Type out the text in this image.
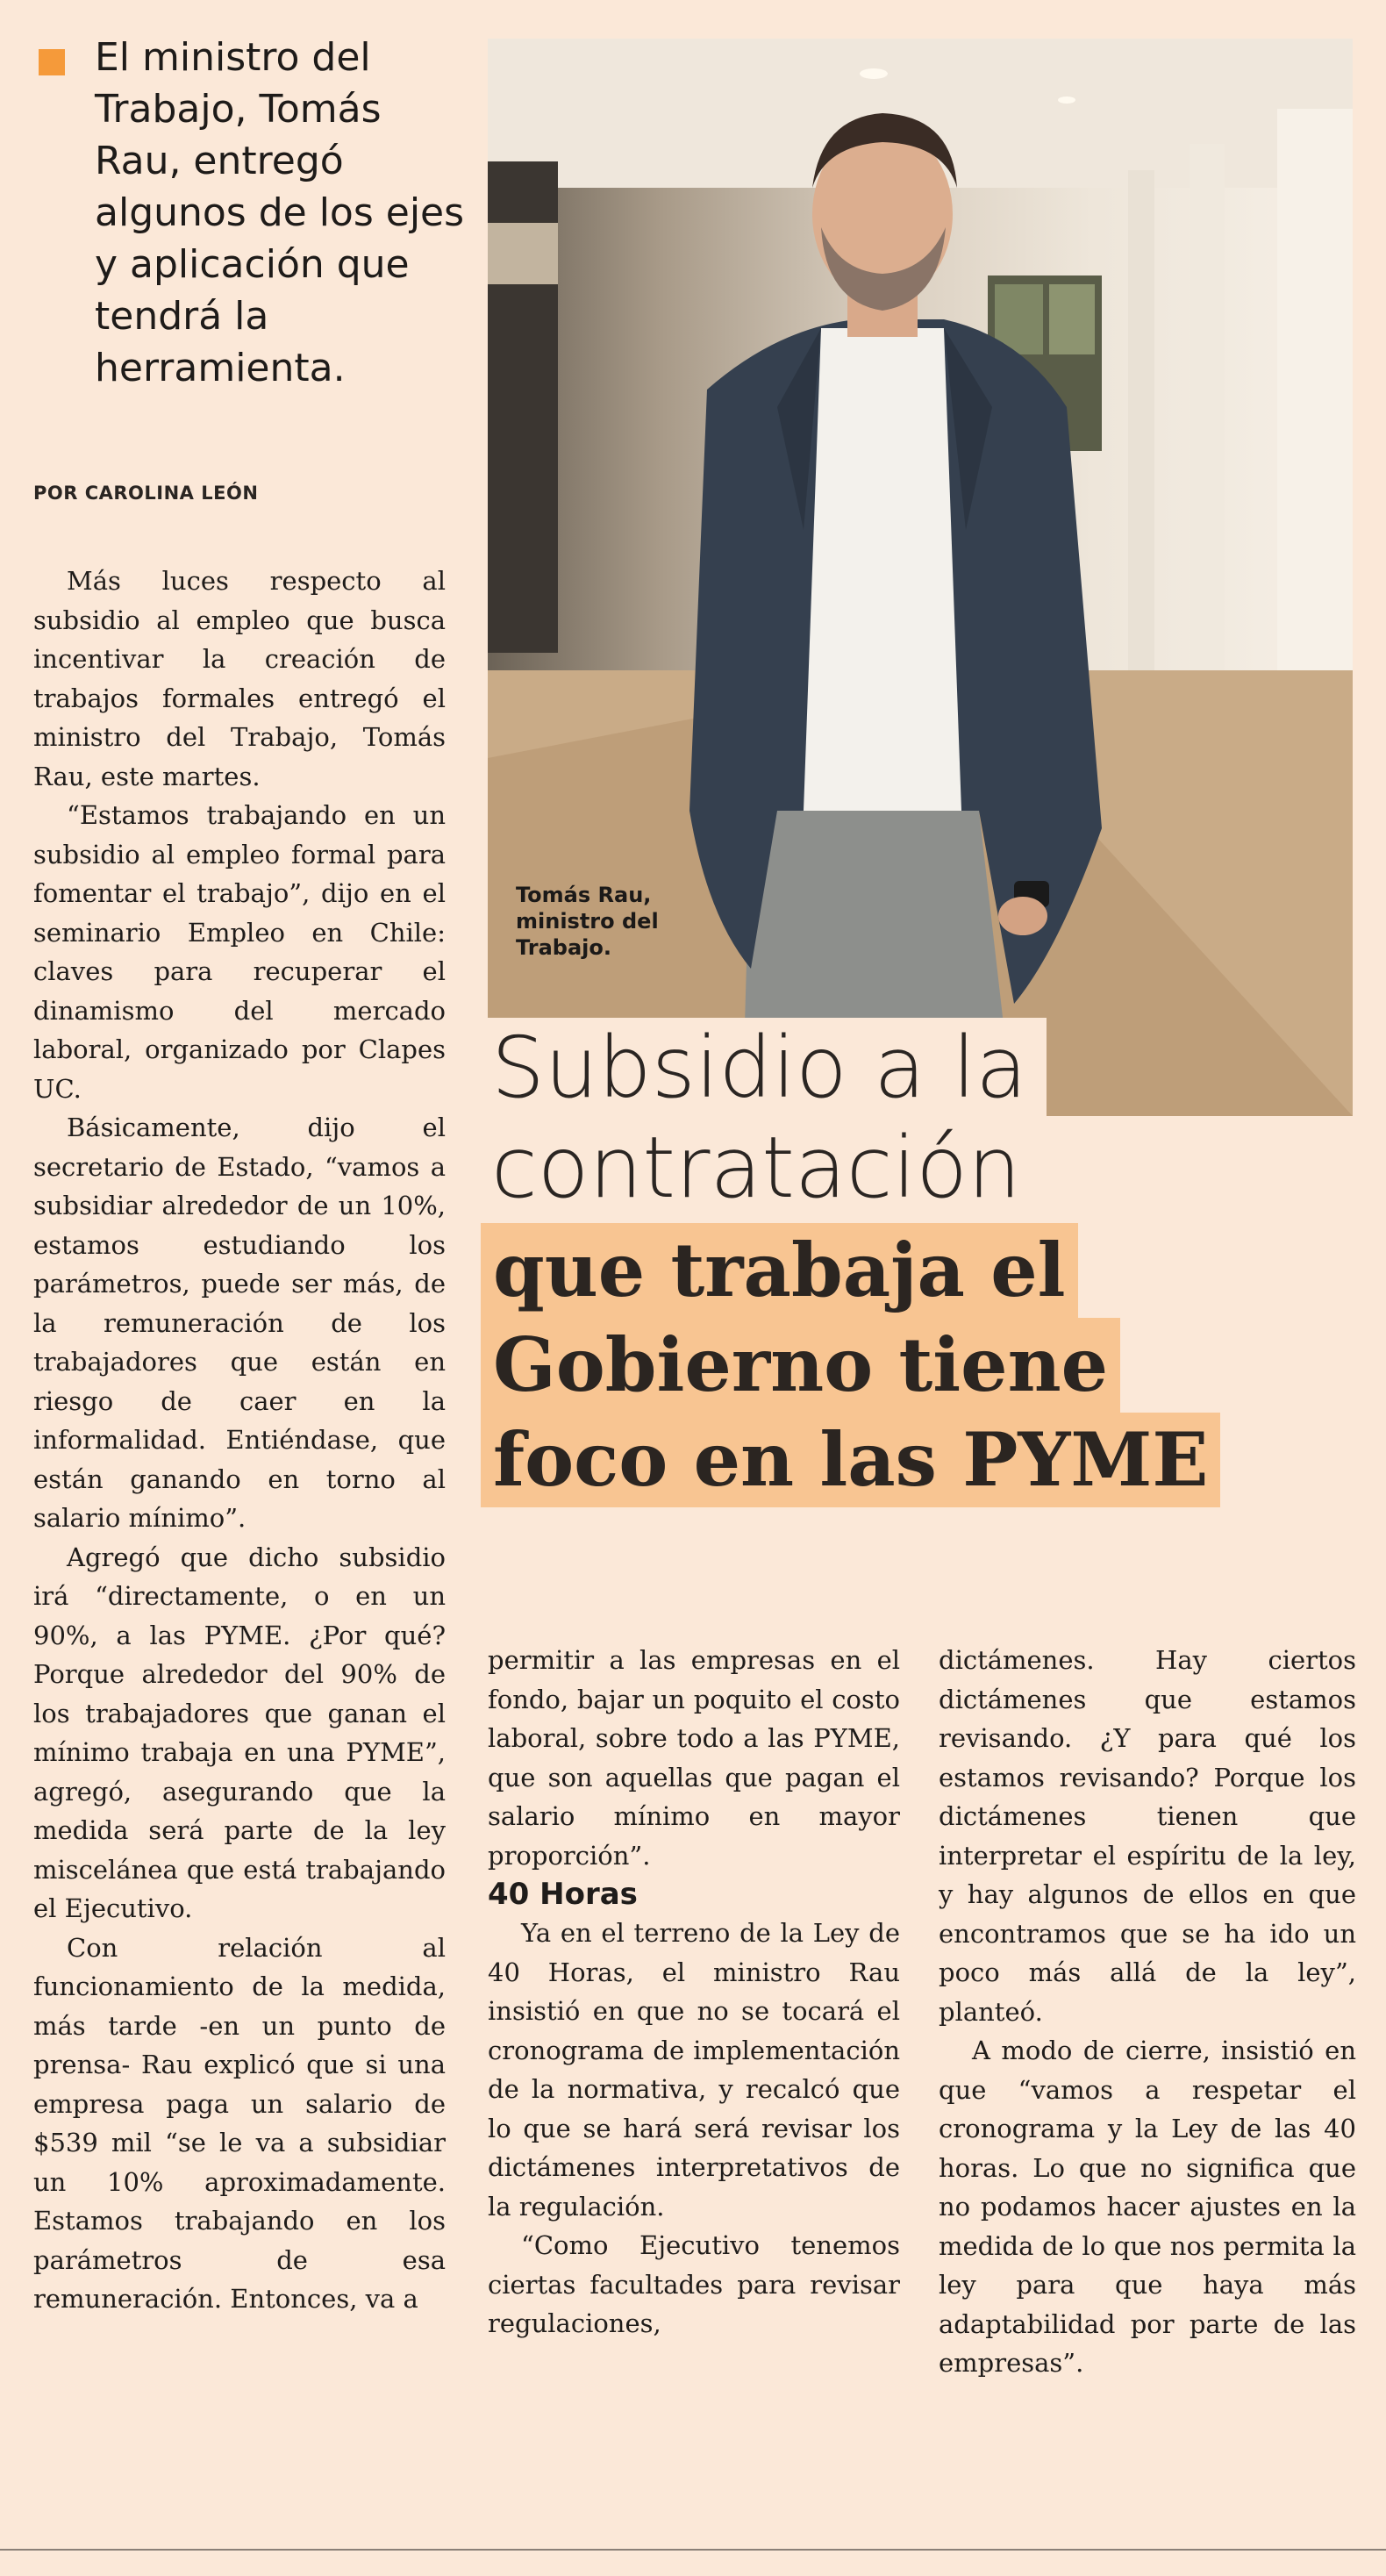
El ministro del Trabajo, Tomás Rau, entregó algunos de los ejes y aplicación que tendrá la herramienta.
POR CAROLINA LEÓN
Tomás Rau, ministro del Trabajo.
Subsidio a la
contratación
que trabaja el
Gobierno tiene
foco en las PYME

Más luces respecto al subsidio al empleo que busca incentivar la creación de trabajos formales entregó el ministro del Trabajo, Tomás Rau, este martes.

“Estamos trabajando en un subsidio al empleo formal para fomentar el trabajo”, dijo en el seminario Empleo en Chile: claves para recuperar el dinamismo del mercado laboral, organizado por Clapes UC.

Básicamente, dijo el secretario de Estado, “vamos a subsidiar alrededor de un 10%, estamos estudiando los parámetros, puede ser más, de la remuneración de los trabajadores que están en riesgo de caer en la informalidad. Entiéndase, que están ganando en torno al salario mínimo”.

Agregó que dicho subsidio irá “directamente, o en un 90%, a las PYME. ¿Por qué? Porque alrededor del 90% de los trabajadores que ganan el mínimo trabaja en una PYME”, agregó, asegurando que la medida será parte de la ley miscelánea que está trabajando el Ejecutivo.

Con relación al funcionamiento de la medida, más tarde -en un punto de prensa- Rau explicó que si una empresa paga un salario de $539 mil “se le va a subsidiar un 10% aproximadamente. Estamos trabajando en los parámetros de esa remuneración. Entonces, va a

permitir a las empresas en el fondo, bajar un poquito el costo laboral, sobre todo a las PYME, que son aquellas que pagan el salario mínimo en mayor proporción”.

40 Horas

Ya en el terreno de la Ley de 40 Horas, el ministro Rau insistió en que no se tocará el cronograma de implementación de la normativa, y recalcó que lo que se hará será revisar los dictámenes interpretativos de la regulación.

“Como Ejecutivo tenemos ciertas facultades para revisar regulaciones,

dictámenes. Hay ciertos dictámenes que estamos revisando. ¿Y para qué los estamos revisando? Porque los dictámenes tienen que interpretar el espíritu de la ley, y hay algunos de ellos en que encontramos que se ha ido un poco más allá de la ley”, planteó.

A modo de cierre, insistió en que “vamos a respetar el cronograma y la Ley de las 40 horas. Lo que no significa que no podamos hacer ajustes en la medida de lo que nos permita la ley para que haya más adaptabilidad por parte de las empresas”.
